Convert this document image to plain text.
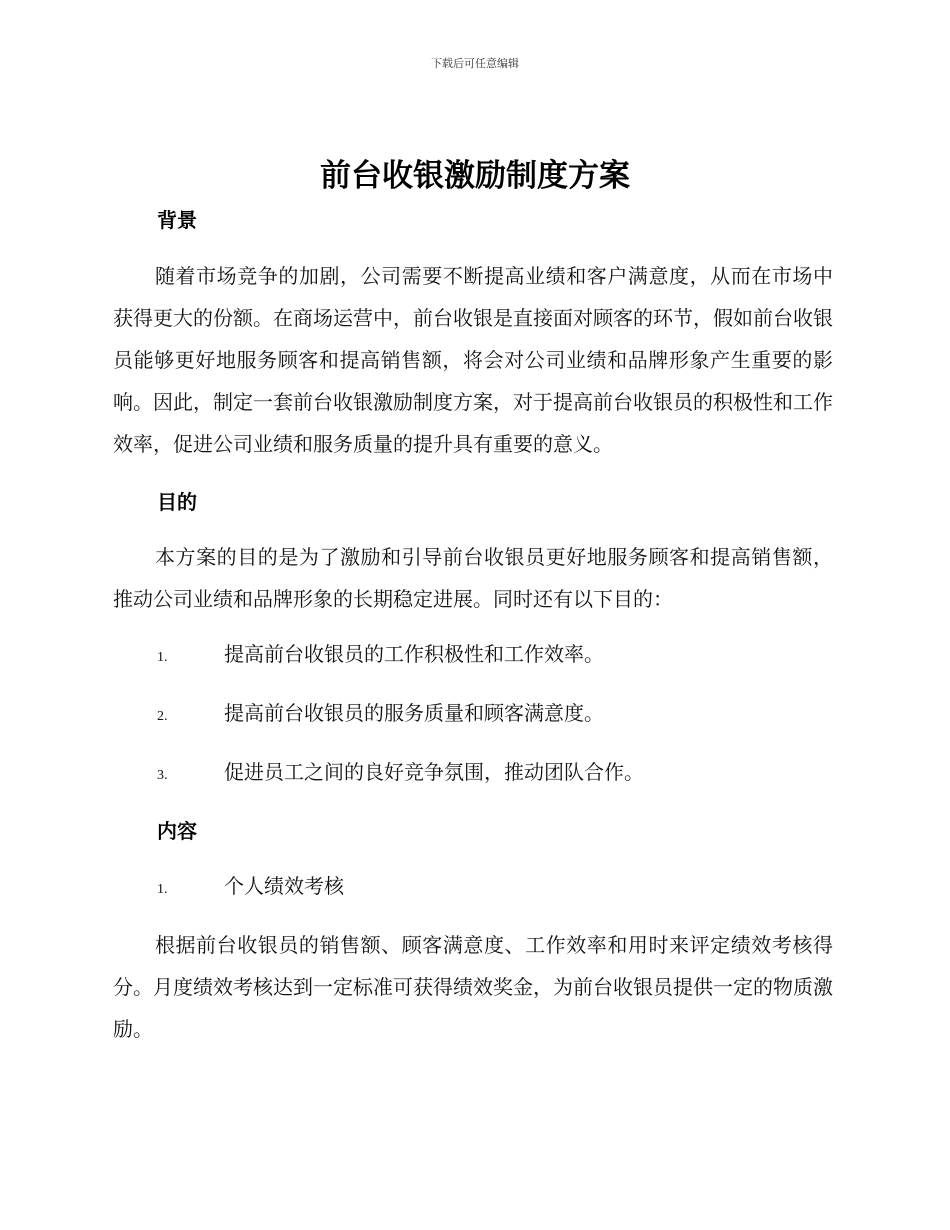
下载后可任意编辑
前台收银激励制度方案
背景

随着市场竞争的加剧，公司需要不断提高业绩和客户满意度，从而在市场中获得更大的份额。在商场运营中，前台收银是直接面对顾客的环节，假如前台收银员能够更好地服务顾客和提高销售额，将会对公司业绩和品牌形象产生重要的影响。因此，制定一套前台收银激励制度方案，对于提高前台收银员的积极性和工作效率，促进公司业绩和服务质量的提升具有重要的意义。

目的

本方案的目的是为了激励和引导前台收银员更好地服务顾客和提高销售额，推动公司业绩和品牌形象的长期稳定进展。同时还有以下目的：

1.	提高前台收银员的工作积极性和工作效率。
2.	提高前台收银员的服务质量和顾客满意度。
3.	促进员工之间的良好竞争氛围，推动团队合作。
内容
1.	个人绩效考核

根据前台收银员的销售额、顾客满意度、工作效率和用时来评定绩效考核得分。月度绩效考核达到一定标准可获得绩效奖金，为前台收银员提供一定的物质激励。
